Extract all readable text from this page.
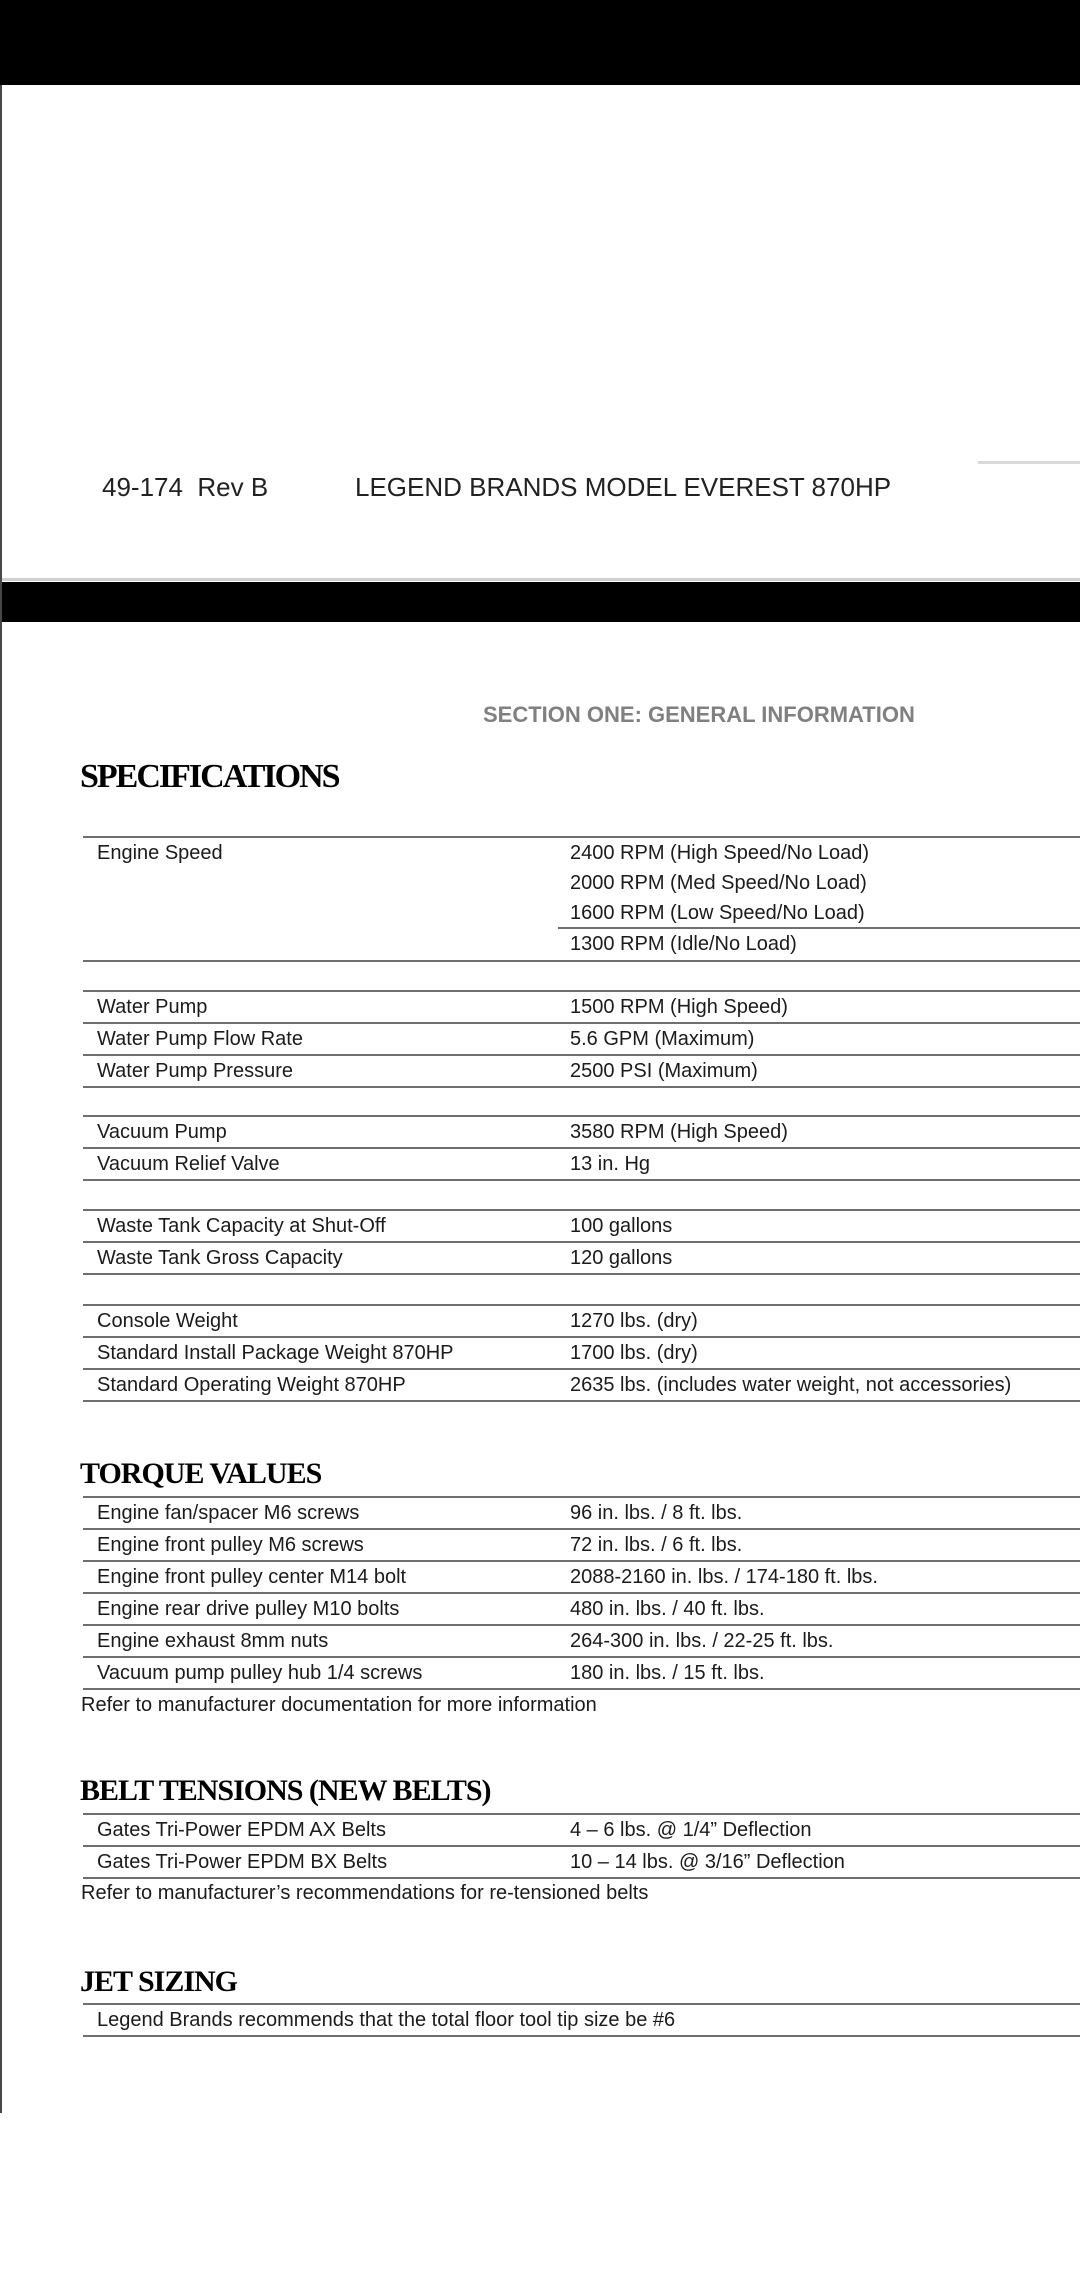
49-174  Rev B	LEGEND BRANDS MODEL EVEREST 870HP
SECTION ONE: GENERAL INFORMATION
SPECIFICATIONS
Engine Speed	2400 RPM (High Speed/No Load)
2000 RPM (Med Speed/No Load)
1600 RPM (Low Speed/No Load)
1300 RPM (Idle/No Load)
Water Pump	1500 RPM (High Speed)
Water Pump Flow Rate	5.6 GPM (Maximum)
Water Pump Pressure	2500 PSI (Maximum)
Vacuum Pump	3580 RPM (High Speed)
Vacuum Relief Valve	13 in. Hg
Waste Tank Capacity at Shut-Off	100 gallons
Waste Tank Gross Capacity	120 gallons
Console Weight	1270 lbs. (dry)
Standard Install Package Weight 870HP	1700 lbs. (dry)
Standard Operating Weight 870HP	2635 lbs. (includes water weight, not accessories)
TORQUE VALUES
Engine fan/spacer M6 screws	96 in. lbs. / 8 ft. lbs.
Engine front pulley M6 screws	72 in. lbs. / 6 ft. lbs.
Engine front pulley center M14 bolt	2088-2160 in. lbs. / 174-180 ft. lbs.
Engine rear drive pulley M10 bolts	480 in. lbs. / 40 ft. lbs.
Engine exhaust 8mm nuts	264-300 in. lbs. / 22-25 ft. lbs.
Vacuum pump pulley hub 1/4 screws	180 in. lbs. / 15 ft. lbs.
Refer to manufacturer documentation for more information
BELT TENSIONS (NEW BELTS)
Gates Tri-Power EPDM AX Belts	4 – 6 lbs. @ 1/4” Deflection
Gates Tri-Power EPDM BX Belts	10 – 14 lbs. @ 3/16” Deflection
Refer to manufacturer’s recommendations for re-tensioned belts
JET SIZING
Legend Brands recommends that the total floor tool tip size be #6
